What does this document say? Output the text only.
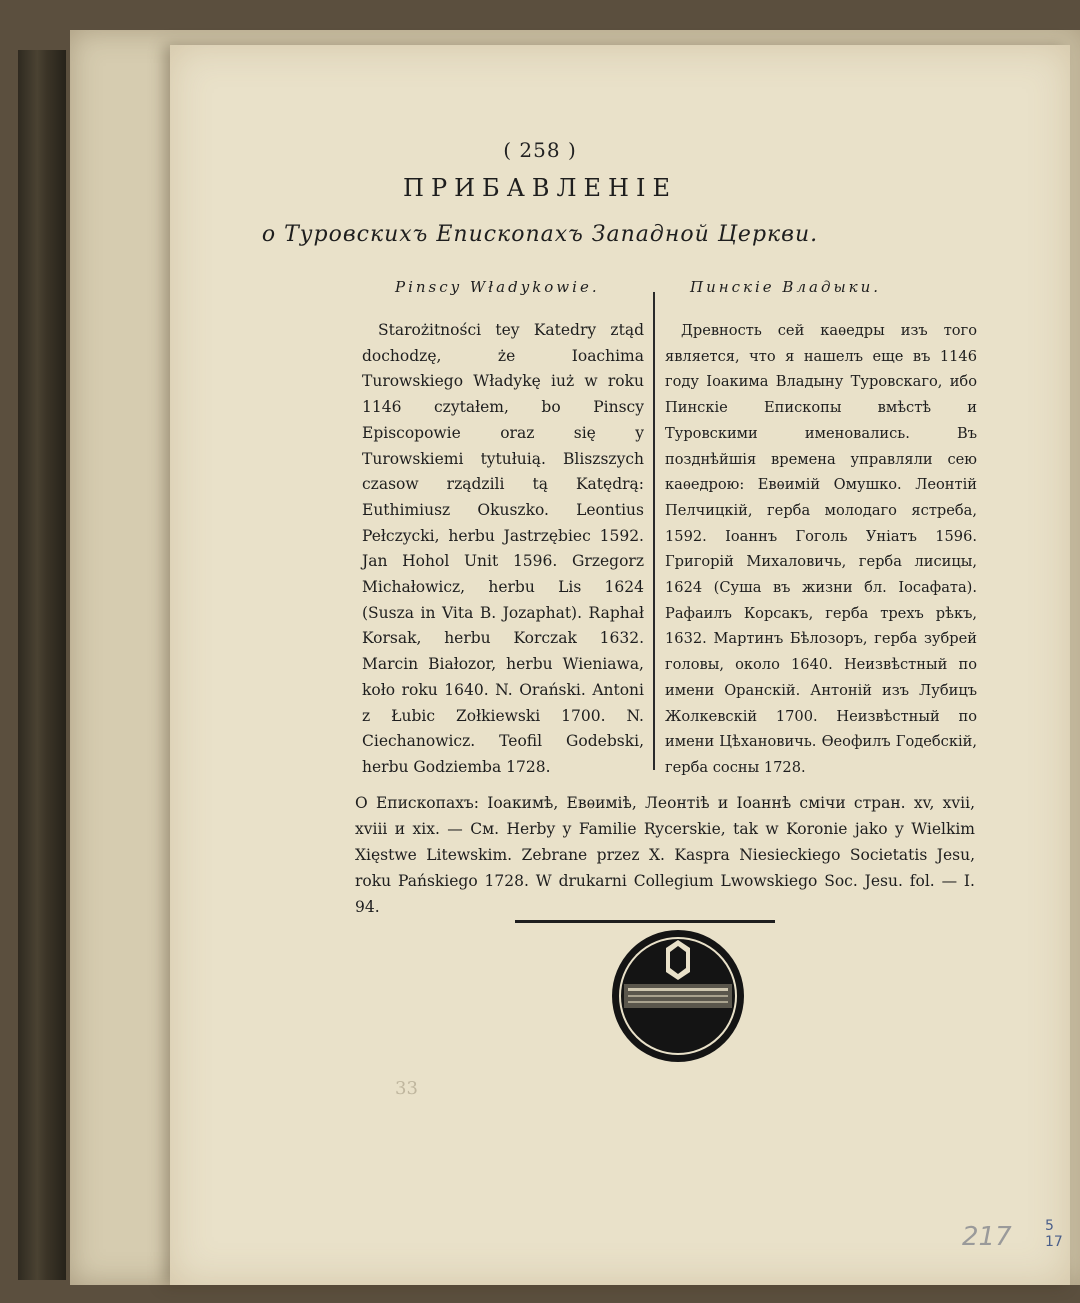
( 258 )
ПРИБАВЛЕНІЕ
о Туровскихъ Епископахъ Западной Церкви.
Pinscy Władykowie.	Пинскіе Владыки.

Starożitności tey Katedry ztąd dochodzę, że Ioachima Turowskiego Władykę iuż w roku 1146 czytałem, bo Pinscy Episcopowie oraz się y Turowskiemi tytułuią. Bliszszych czasow rządzili tą Katędrą: Euthimiusz Okuszko. Leontius Pełczycki, herbu Jastrzębiec 1592. Jan Hohol Unit 1596. Grzegorz Michałowicz, herbu Lis 1624 (Susza in Vita B. Jozaphat). Raphał Korsak, herbu Korczak 1632. Marcin Białozor, herbu Wieniawa, koło roku 1640. N. Orański. Antoni z Łubic Zołkiewski 1700. N. Ciechanowicz. Teofil Godebski, herbu Godziemba 1728.

Древность сей каѳедры изъ того является, что я нашелъ еще въ 1146 году Іоакима Владыну Туровскаго, ибо Пинскіе Епископы вмѣстѣ и Туровскими именовались. Въ позднѣйшія времена управляли сею каѳедрою: Евѳимій Омушко. Леонтій Пелчицкій, герба молодаго ястреба, 1592. Іоаннъ Гоголь Уніатъ 1596. Григорій Михаловичь, герба лисицы, 1624 (Суша въ жизни бл. Іосафата). Рафаилъ Корсакъ, герба трехъ рѣкъ, 1632. Мартинъ Бѣлозоръ, герба зубрей головы, около 1640. Неизвѣстный по имени Оранскій. Антоній изъ Лубицъ Жолкевскій 1700. Неизвѣстный по имени Цѣхановичь. Ѳеофилъ Годебскій, герба сосны 1728.

О Епископахъ: Іоакимѣ, Евѳиміѣ, Леонтіѣ и Іоаннѣ смічи стран. xv, xvii, xviii и xix. — См. Herby y Familie Rycerskie, tak w Koronie jako y Wielkim Xięstwe Litewskim. Zebrane przez X. Kaspra Niesieckiego Societatis Jesu, roku Pańskiego 1728. W drukarni Collegium Lwowskiego Soc. Jesu. fol. — I. 94.

33
217 5
17
